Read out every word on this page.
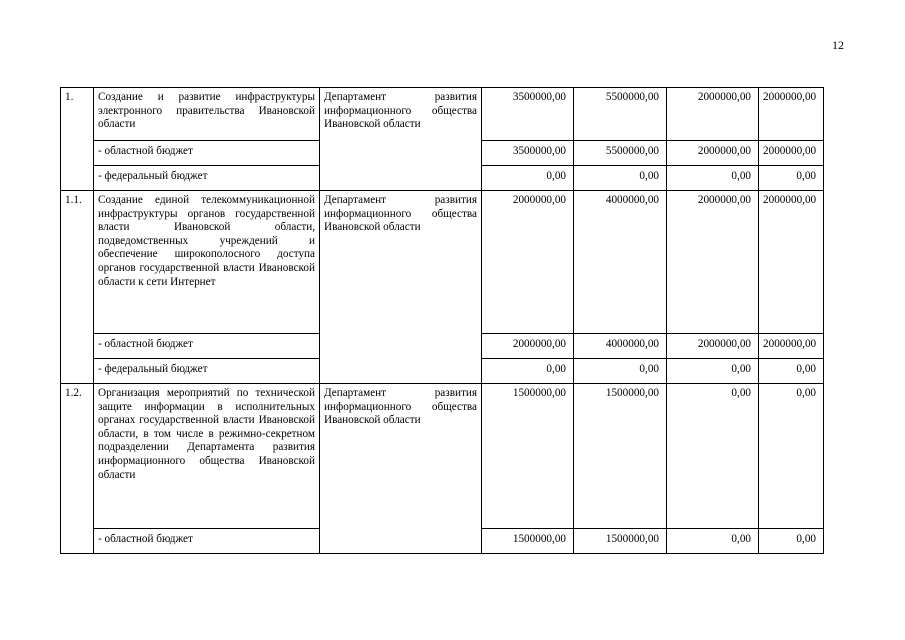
12
1.	Создание и развитие инфраструктуры электронного правительства Ивановской области	Департамент развития информационного общества Ивановской области	3500000,00	5500000,00	2000000,00	2000000,00
	- областной бюджет		3500000,00	5500000,00	2000000,00	2000000,00
	- федеральный бюджет		0,00	0,00	0,00	0,00
1.1.	Создание единой телекоммуникационной инфраструктуры органов государственной власти Ивановской области, подведомственных учреждений и обеспечение широкополосного доступа органов государственной власти Ивановской области к сети Интернет	Департамент развития информационного общества Ивановской области	2000000,00	4000000,00	2000000,00	2000000,00
	- областной бюджет		2000000,00	4000000,00	2000000,00	2000000,00
	- федеральный бюджет		0,00	0,00	0,00	0,00
1.2.	Организация мероприятий по технической защите информации в исполнительных органах государственной власти Ивановской области, в том числе в режимно-секретном подразделении Департамента развития информационного общества Ивановской области	Департамент развития информационного общества Ивановской области	1500000,00	1500000,00	0,00	0,00
	- областной бюджет		1500000,00	1500000,00	0,00	0,00
